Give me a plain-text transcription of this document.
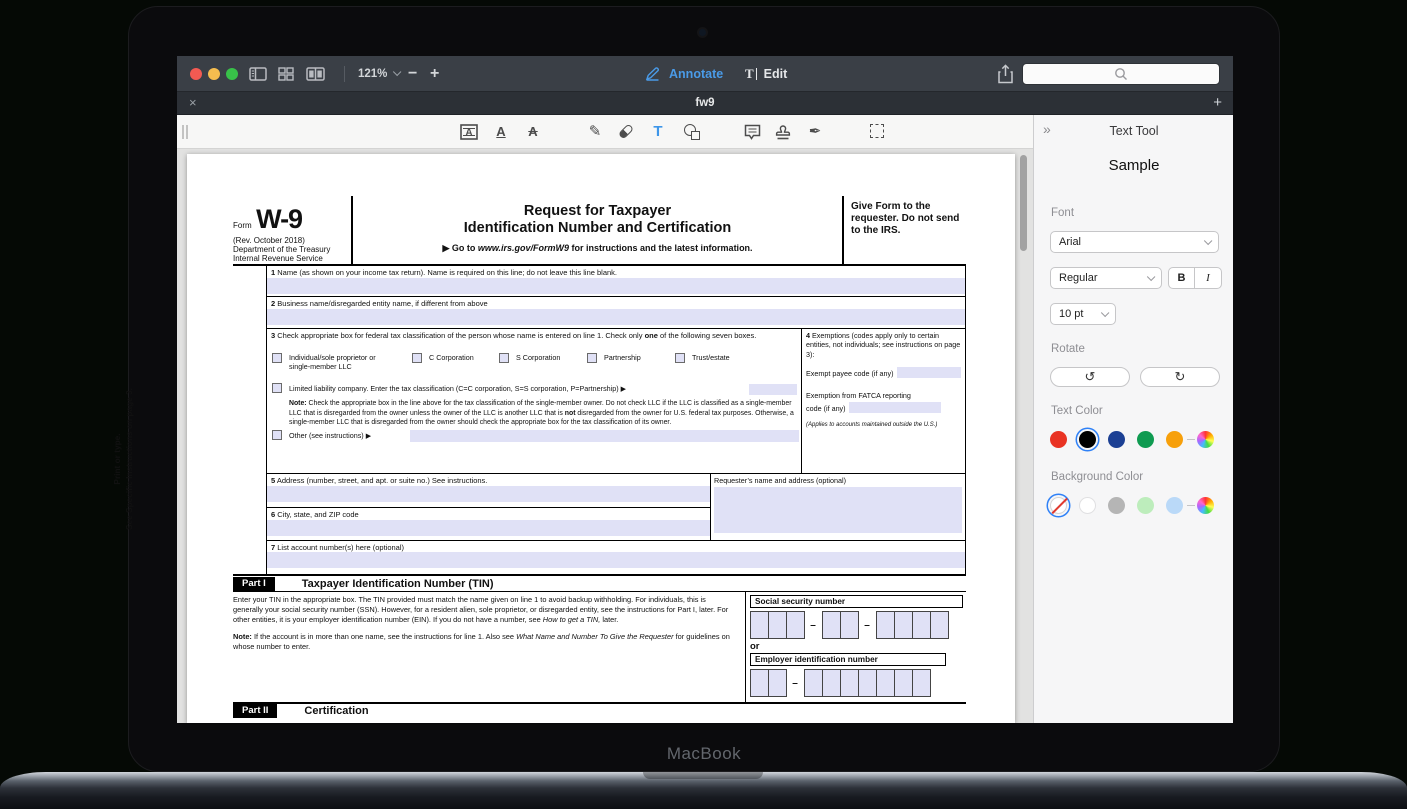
MacBook
121%	− +	Annotate T Edit
×	fw9	+
A	A	A	✎	T	✒
Form W-9
(Rev. October 2018)
Department of the Treasury
Internal Revenue Service
Request for Taxpayer
Identification Number and Certification
▶ Go to www.irs.gov/FormW9 for instructions and the latest information.
Give Form to the requester. Do not send to the IRS.
Print or type. See Specific Instructions on page 3.
1 Name (as shown on your income tax return). Name is required on this line; do not leave this line blank.
2 Business name/disregarded entity name, if different from above
3 Check appropriate box for federal tax classification of the person whose name is entered on line 1. Check only one of the following seven boxes.
Individual/sole proprietor or single-member LLC
C Corporation	S Corporation	Partnership	Trust/estate
Limited liability company. Enter the tax classification (C=C corporation, S=S corporation, P=Partnership) ▶
Note: Check the appropriate box in the line above for the tax classification of the single-member owner. Do not check LLC if the LLC is classified as a single-member LLC that is disregarded from the owner unless the owner of the LLC is another LLC that is not disregarded from the owner for U.S. federal tax purposes. Otherwise, a single-member LLC that is disregarded from the owner should check the appropriate box for the tax classification of its owner.
Other (see instructions) ▶
4 Exemptions (codes apply only to certain entities, not individuals; see instructions on page 3):
Exempt payee code (if any)
Exemption from FATCA reporting
code (if any)
(Applies to accounts maintained outside the U.S.)
5 Address (number, street, and apt. or suite no.) See instructions.
6 City, state, and ZIP code
Requester’s name and address (optional)
7 List account number(s) here (optional)
Part I	Taxpayer Identification Number (TIN)
Enter your TIN in the appropriate box. The TIN provided must match the name given on line 1 to avoid backup withholding. For individuals, this is generally your social security number (SSN). However, for a resident alien, sole proprietor, or disregarded entity, see the instructions for Part I, later. For other entities, it is your employer identification number (EIN). If you do not have a number, see How to get a TIN, later.
Note: If the account is in more than one name, see the instructions for line 1. Also see What Name and Number To Give the Requester for guidelines on whose number to enter.
Social security number
–	–
or
Employer identification number
–
Part II	Certification
»	Text Tool
Sample
Font
Arial
Regular	B	I
10 pt
Rotate
↺	↻
Text Color
Background Color
